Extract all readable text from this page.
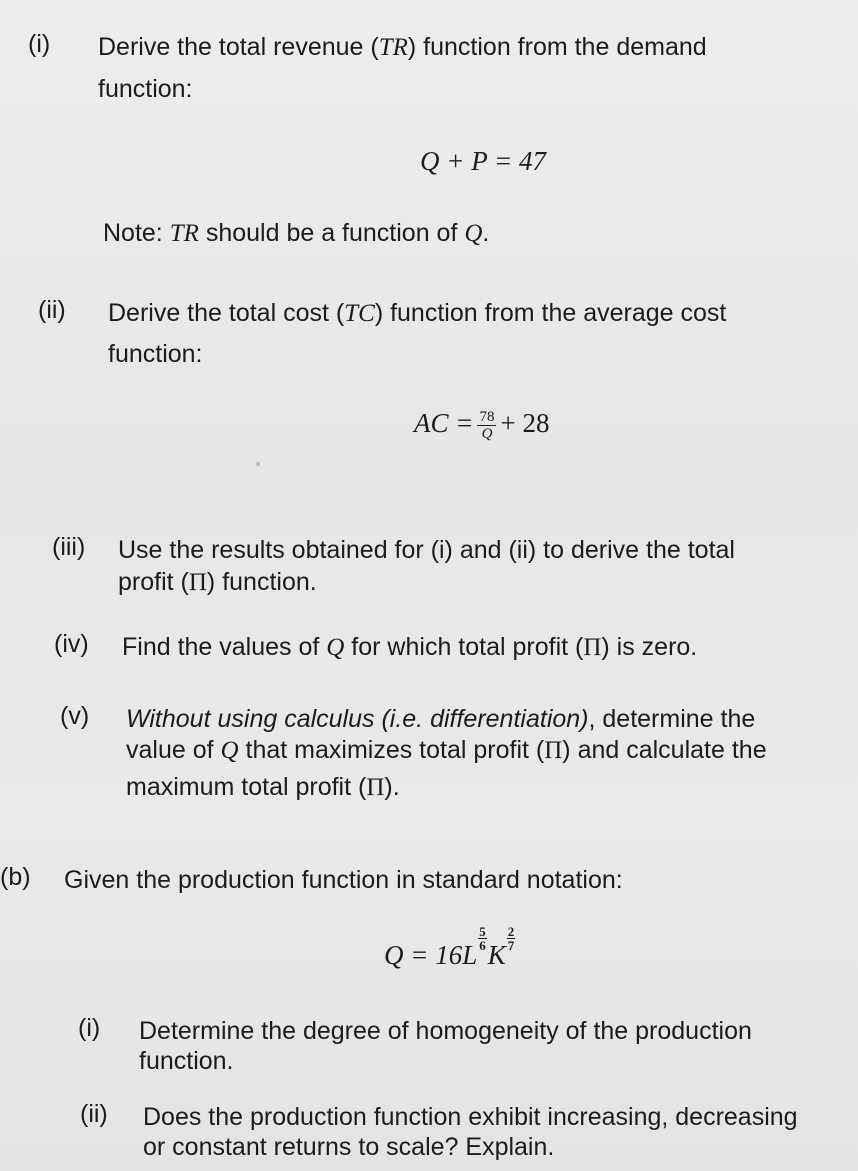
(i) Derive the total revenue (TR) function from the demand
function:
Q + P = 47
Note: TR should be a function of Q.
(ii) Derive the total cost (TC) function from the average cost
function:
AC = $\frac{78}{Q} + 28$
(iii) Use the results obtained for (i) and (ii) to derive the total
profit (Π) function.
(iv) Find the values of Q for which total profit (Π) is zero.
(v) Without using calculus (i.e. differentiation), determine the
value of Q that maximizes total profit (Π) and calculate the
maximum total profit (Π).
(b) Given the production function in standard notation:
Q = 16L
$\frac{5}{6}$
K
$\frac{2}{7}$
(i) Determine the degree of homogeneity of the production
function.
(ii) Does the production function exhibit increasing, decreasing
or constant returns to scale? Explain.
